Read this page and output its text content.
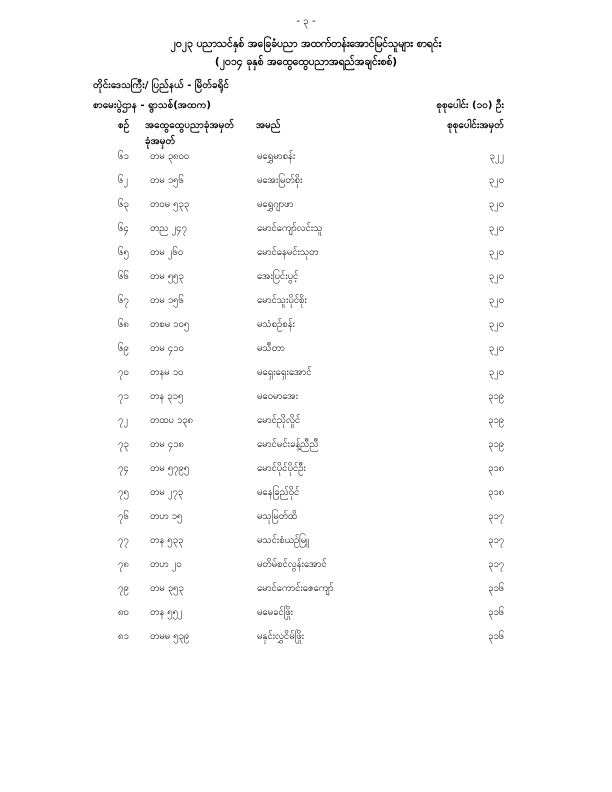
- ၃ -
၂၀၂၃ ပညာသင်နှစ် အခြေခံပညာ အထက်တန်းအောင်မြင်သူများ စာရင်း
(၂၀၁၄ ခုနှစ် အထွေထွေပညာအရည်အချင်းစစ်)
တိုင်းဒေသကြီး/ ပြည်နယ် - မြိတ်ခရိုင်
စာမေးပွဲဌာန - ရွာသစ်(အထက)	စုစုပေါင်း (၁၀) ဦး
စဉ် အထွေထွေပညာခုံအမှတ်
ခုံအမှတ်
အမည်	စုစုပေါင်းအမှတ်
၆၁ တမ ၃၈၀၀	မရွှေမာစန်း	၃၂၂
၆၂ တမ ၁၅၆	မအေးမြတ်စိုး	၃၂၀
၆၃ တဝမ ၅၃၃	မရွှေဂျာဖာ	၃၂၀
၆၄ တည ၂၄၇	မောင်ကျော်လင်းသူ	၃၂၀
၆၅ တမ ၂၆၀	မောင်နေမင်းသုတ	၃၂၀
၆၆ တမ ၅၅၃	အေးပြင်းပွင့်	၃၂၀
၆၇ တမ ၁၅၆	မောင်သူးပိုင်စိုး	၃၂၀
၆၈ တစမ ၁၀၅	မသံစဉ်စန်း	၃၂၀
၆၉ တမ ၄၁၀	မသီတာ	၃၂၀
၇၀ တနမ ၁၀	မရှေးရှေးအောင်	၃၂၀
၇၁ တန ၃၁၅	မဝေမာအေး	၃၁၉
၇၂ တထပ ၁၃၈	မောင်ညိုလှိုင်	၃၁၉
၇၃ တမ ၄၁၈	မောင်မင်းခန့်ညီညီ	၃၁၉
၇၄ တမ ၅၇၉၅	မောင်ပိုင်ပိုင်ဦး	၃၁၈
၇၅ တမ ၂၇၃	မနေခြည်ဝိုင်	၃၁၈
၇၆ တဟ ၁၅	မသုမြတ်ထိ	၃၁၇
၇၇ တန ၅၃၃	မသင်းစံယဉ်မြူ	၃၁၇
၇၈ တဟ ၂၀	မတိမ်စင်လွန်းအောင်	၃၁၇
၇၉ တမ ၃၅၃	မောင်ကောင်းဇေကျော်	၃၁၆
၈၀ တန ၅၅၂	မမေခင်ဖြိုး	၃၁၆
၈၁ တမမ ၅၃၉	မနှင်းလွှငိမ်ဖြိုး	၃၁၆
